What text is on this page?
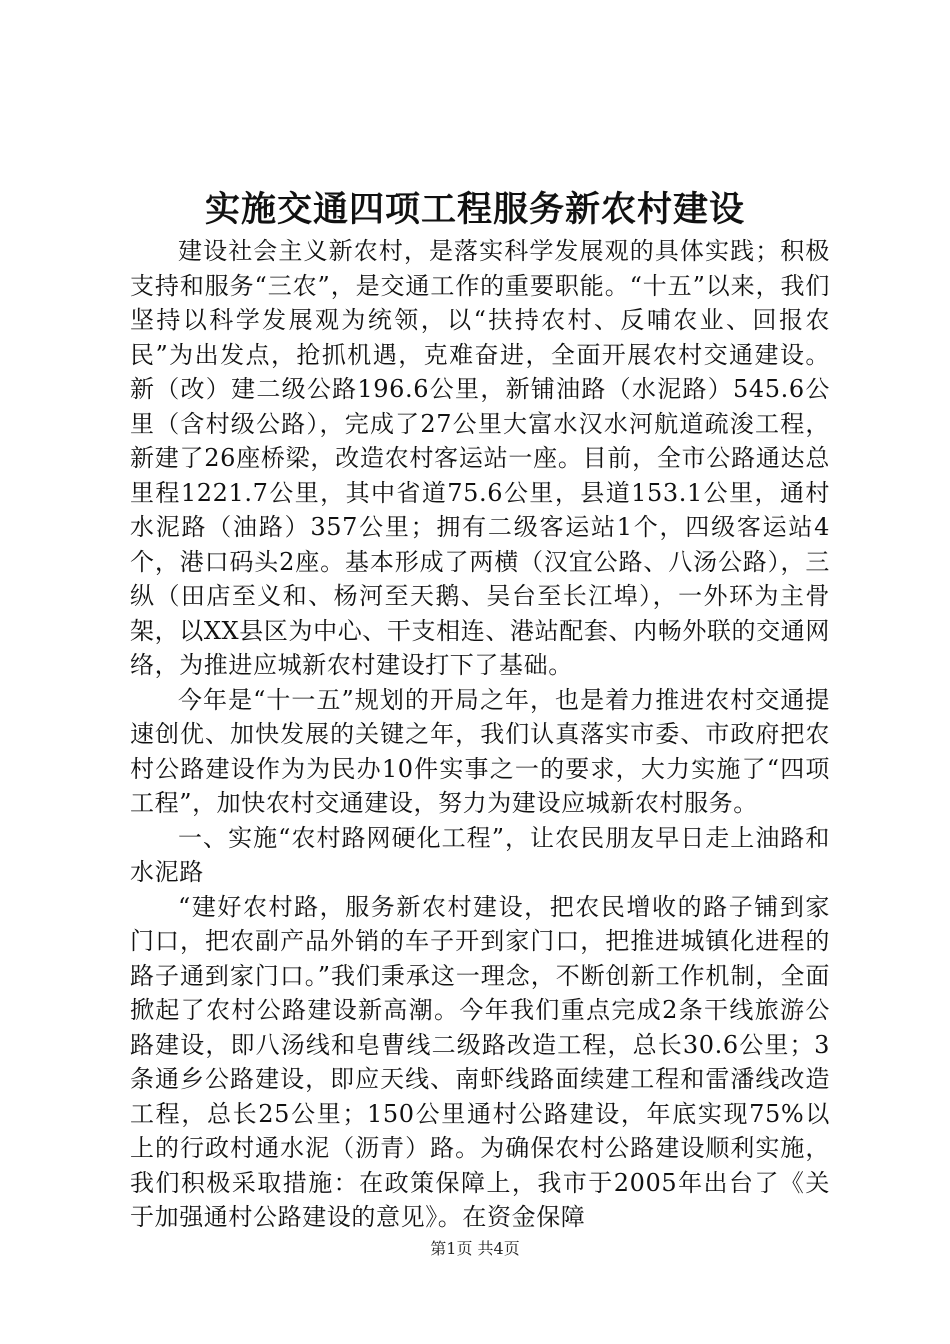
实施交通四项工程服务新农村建设

建设社会主义新农村，是落实科学发展观的具体实践；积极支持和服务“三农”，是交通工作的重要职能。“十五”以来，我们坚持以科学发展观为统领，以“扶持农村、反哺农业、回报农民”为出发点，抢抓机遇，克难奋进，全面开展农村交通建设。新（改）建二级公路196.6公里，新铺油路（水泥路）545.6公里（含村级公路），完成了27公里大富水汉水河航道疏浚工程，新建了26座桥梁，改造农村客运站一座。目前，全市公路通达总里程1221.7公里，其中省道75.6公里，县道153.1公里，通村水泥路（油路）357公里；拥有二级客运站1个，四级客运站4个，港口码头2座。基本形成了两横（汉宜公路、八汤公路），三纵（田店至义和、杨河至天鹅、吴台至长江埠），一外环为主骨架，以XX县区为中心、干支相连、港站配套、内畅外联的交通网络，为推进应城新农村建设打下了基础。

今年是“十一五”规划的开局之年，也是着力推进农村交通提速创优、加快发展的关键之年，我们认真落实市委、市政府把农村公路建设作为为民办10件实事之一的要求，大力实施了“四项工程”，加快农村交通建设，努力为建设应城新农村服务。

一、实施“农村路网硬化工程”，让农民朋友早日走上油路和水泥路

“建好农村路，服务新农村建设，把农民增收的路子铺到家门口，把农副产品外销的车子开到家门口，把推进城镇化进程的路子通到家门口。”我们秉承这一理念，不断创新工作机制，全面掀起了农村公路建设新高潮。今年我们重点完成2条干线旅游公路建设，即八汤线和皂曹线二级路改造工程，总长30.6公里；3条通乡公路建设，即应天线、南虾线路面续建工程和雷潘线改造工程，总长25公里；150公里通村公路建设，年底实现75%以上的行政村通水泥（沥青）路。为确保农村公路建设顺利实施，我们积极采取措施：在政策保障上，我市于2005年出台了《关于加强通村公路建设的意见》。在资金保障

第1页 共4页
